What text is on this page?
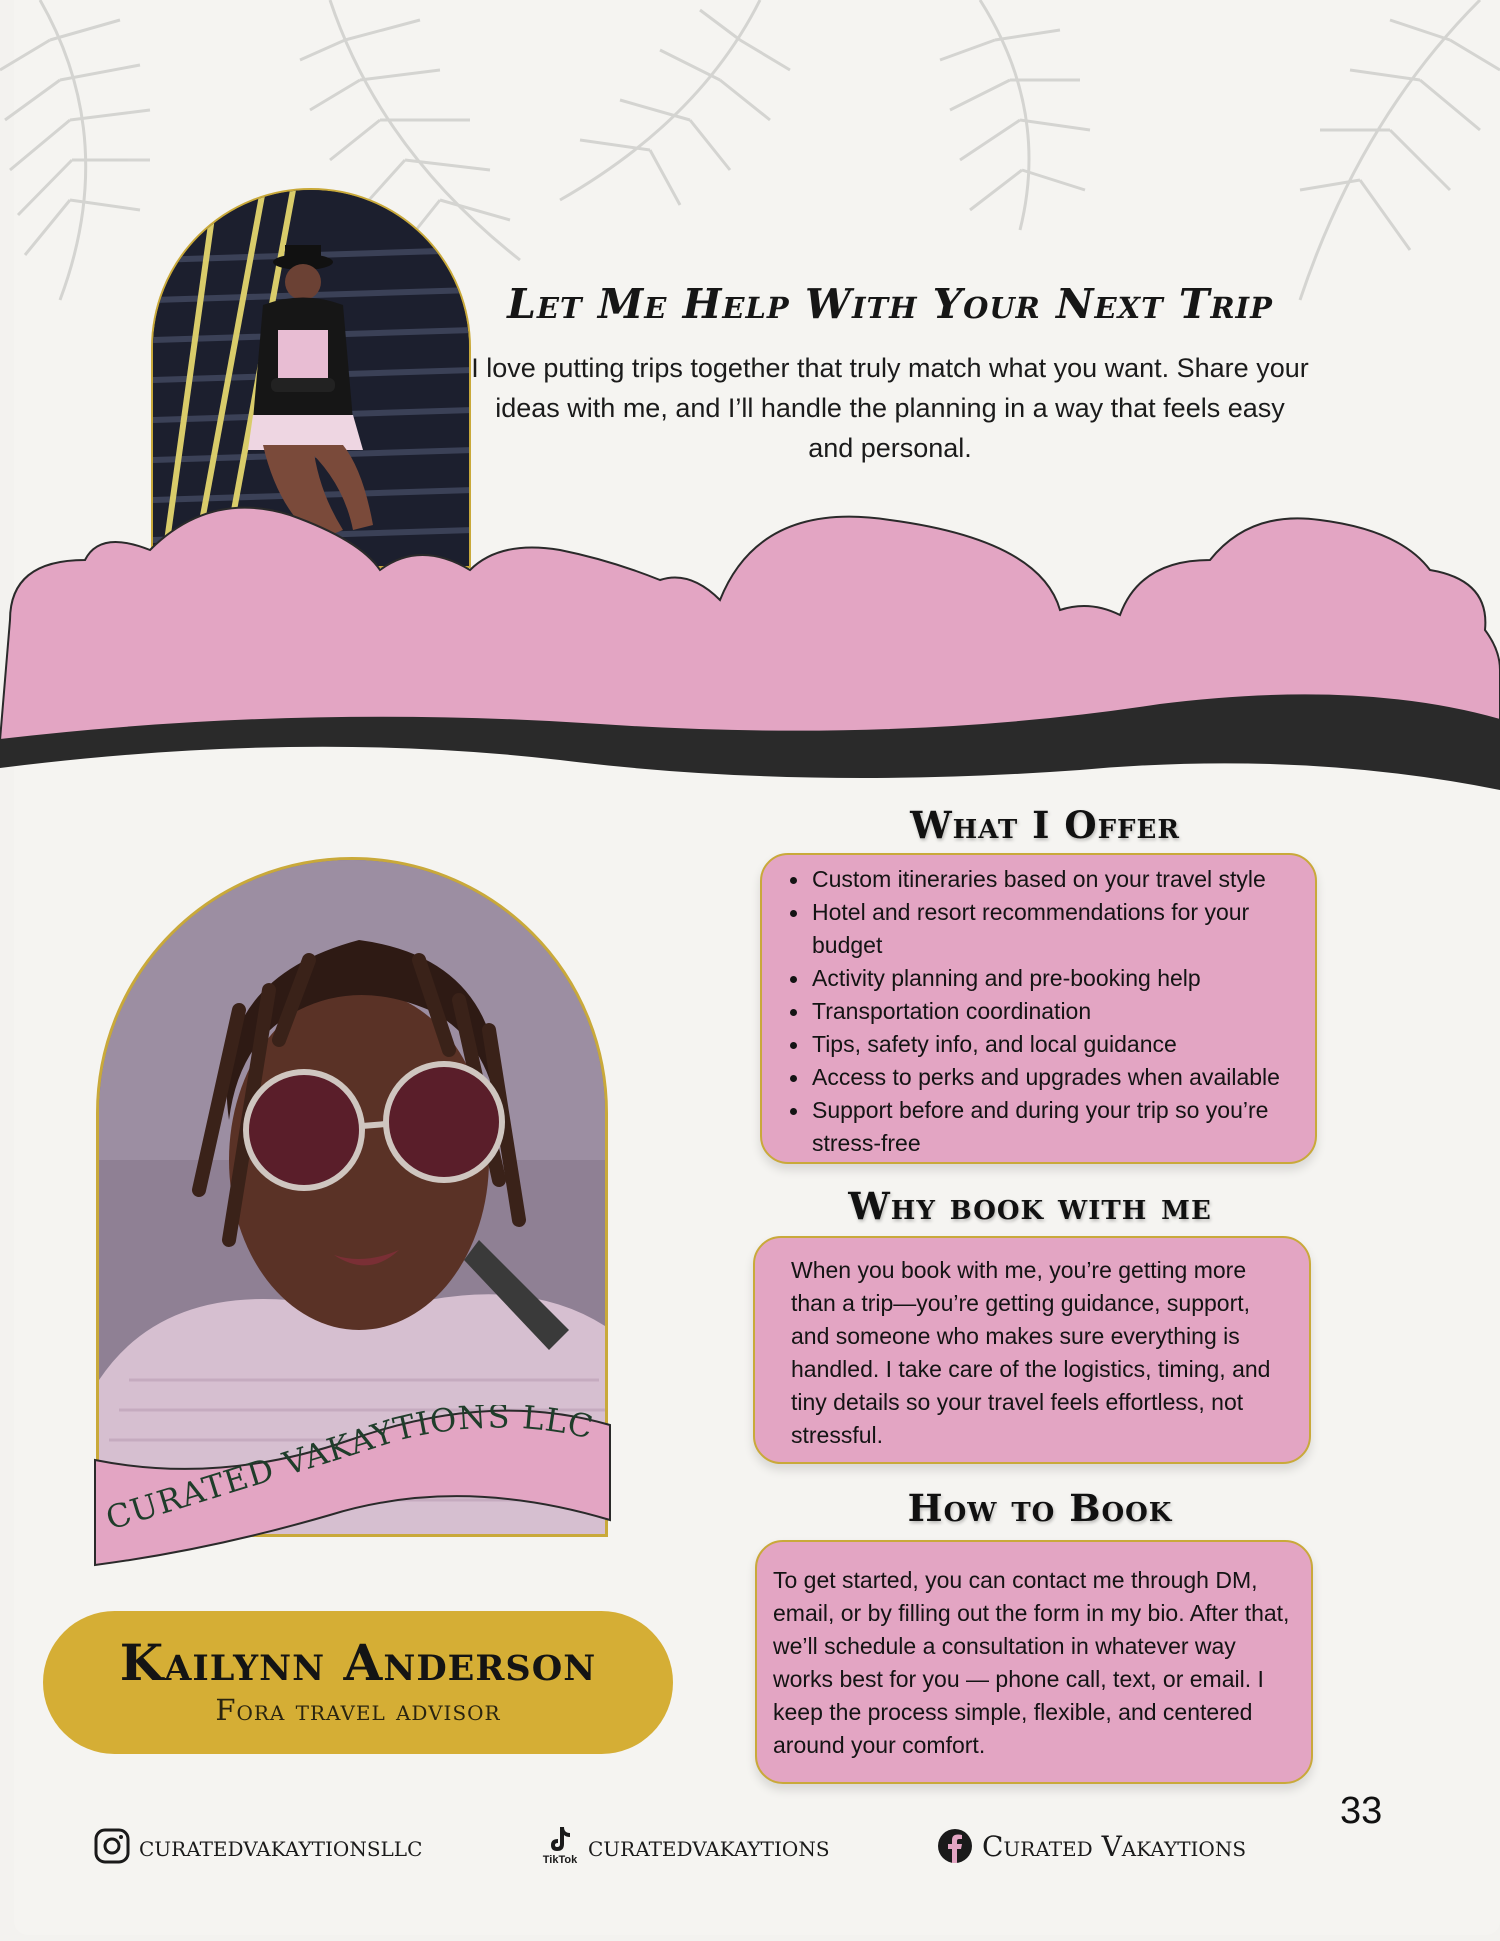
Let Me Help With Your Next Trip
I love putting trips together that truly match what you want. Share your ideas with me, and I’ll handle the planning in a way that feels easy and personal.
CURATED VAKAYTIONS LLC
Kailynn Anderson
Fora travel advisor
What I Offer
Custom itineraries based on your travel style
Hotel and resort recommendations for your budget
Activity planning and pre-booking help
Transportation coordination
Tips, safety info, and local guidance
Access to perks and upgrades when available
Support before and during your trip so you’re stress-free
Why book with me

When you book with me, you’re getting more than a trip—you’re getting guidance, support, and someone who makes sure everything is handled. I take care of the logistics, timing, and tiny details so your travel feels effortless, not stressful.

How to Book

To get started, you can contact me through DM, email, or by filling out the form in my bio. After that, we’ll schedule a consultation in whatever way works best for you — phone call, text, or email. I keep the process simple, flexible, and centered around your comfort.

33
curatedvakaytionsllc	TikTok curatedvakaytions	Curated Vakaytions
